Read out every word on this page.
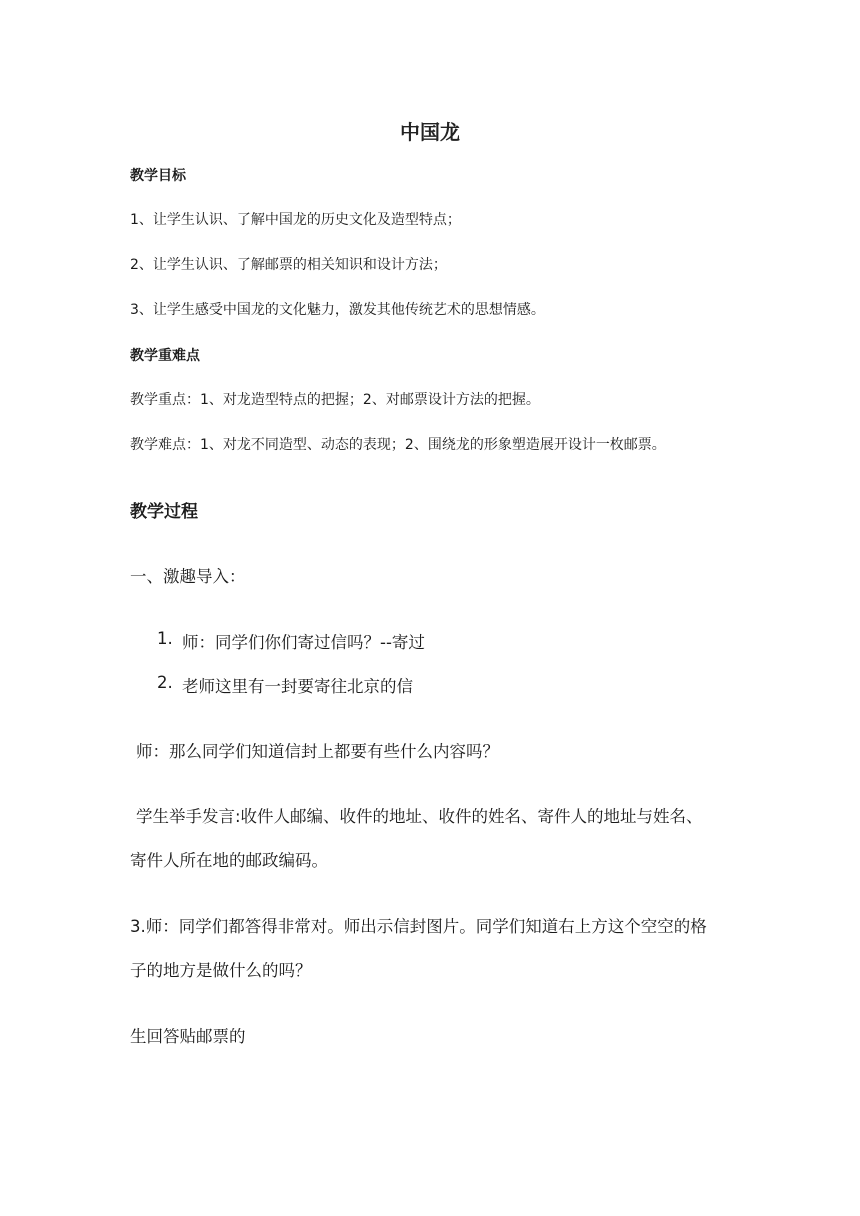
中国龙
教学目标
1、让学生认识、了解中国龙的历史文化及造型特点；
2、让学生认识、了解邮票的相关知识和设计方法；
3、让学生感受中国龙的文化魅力，激发其他传统艺术的思想情感。
教学重难点
教学重点：1、对龙造型特点的把握；2、对邮票设计方法的把握。
教学难点：1、对龙不同造型、动态的表现；2、围绕龙的形象塑造展开设计一枚邮票。
教学过程
一、激趣导入：
1. 师：同学们你们寄过信吗？--寄过
2. 老师这里有一封要寄往北京的信
师：那么同学们知道信封上都要有些什么内容吗？
学生举手发言:收件人邮编、收件的地址、收件的姓名、寄件人的地址与姓名、
寄件人所在地的邮政编码。
3.师：同学们都答得非常对。师出示信封图片。同学们知道右上方这个空空的格
子的地方是做什么的吗？
生回答贴邮票的
